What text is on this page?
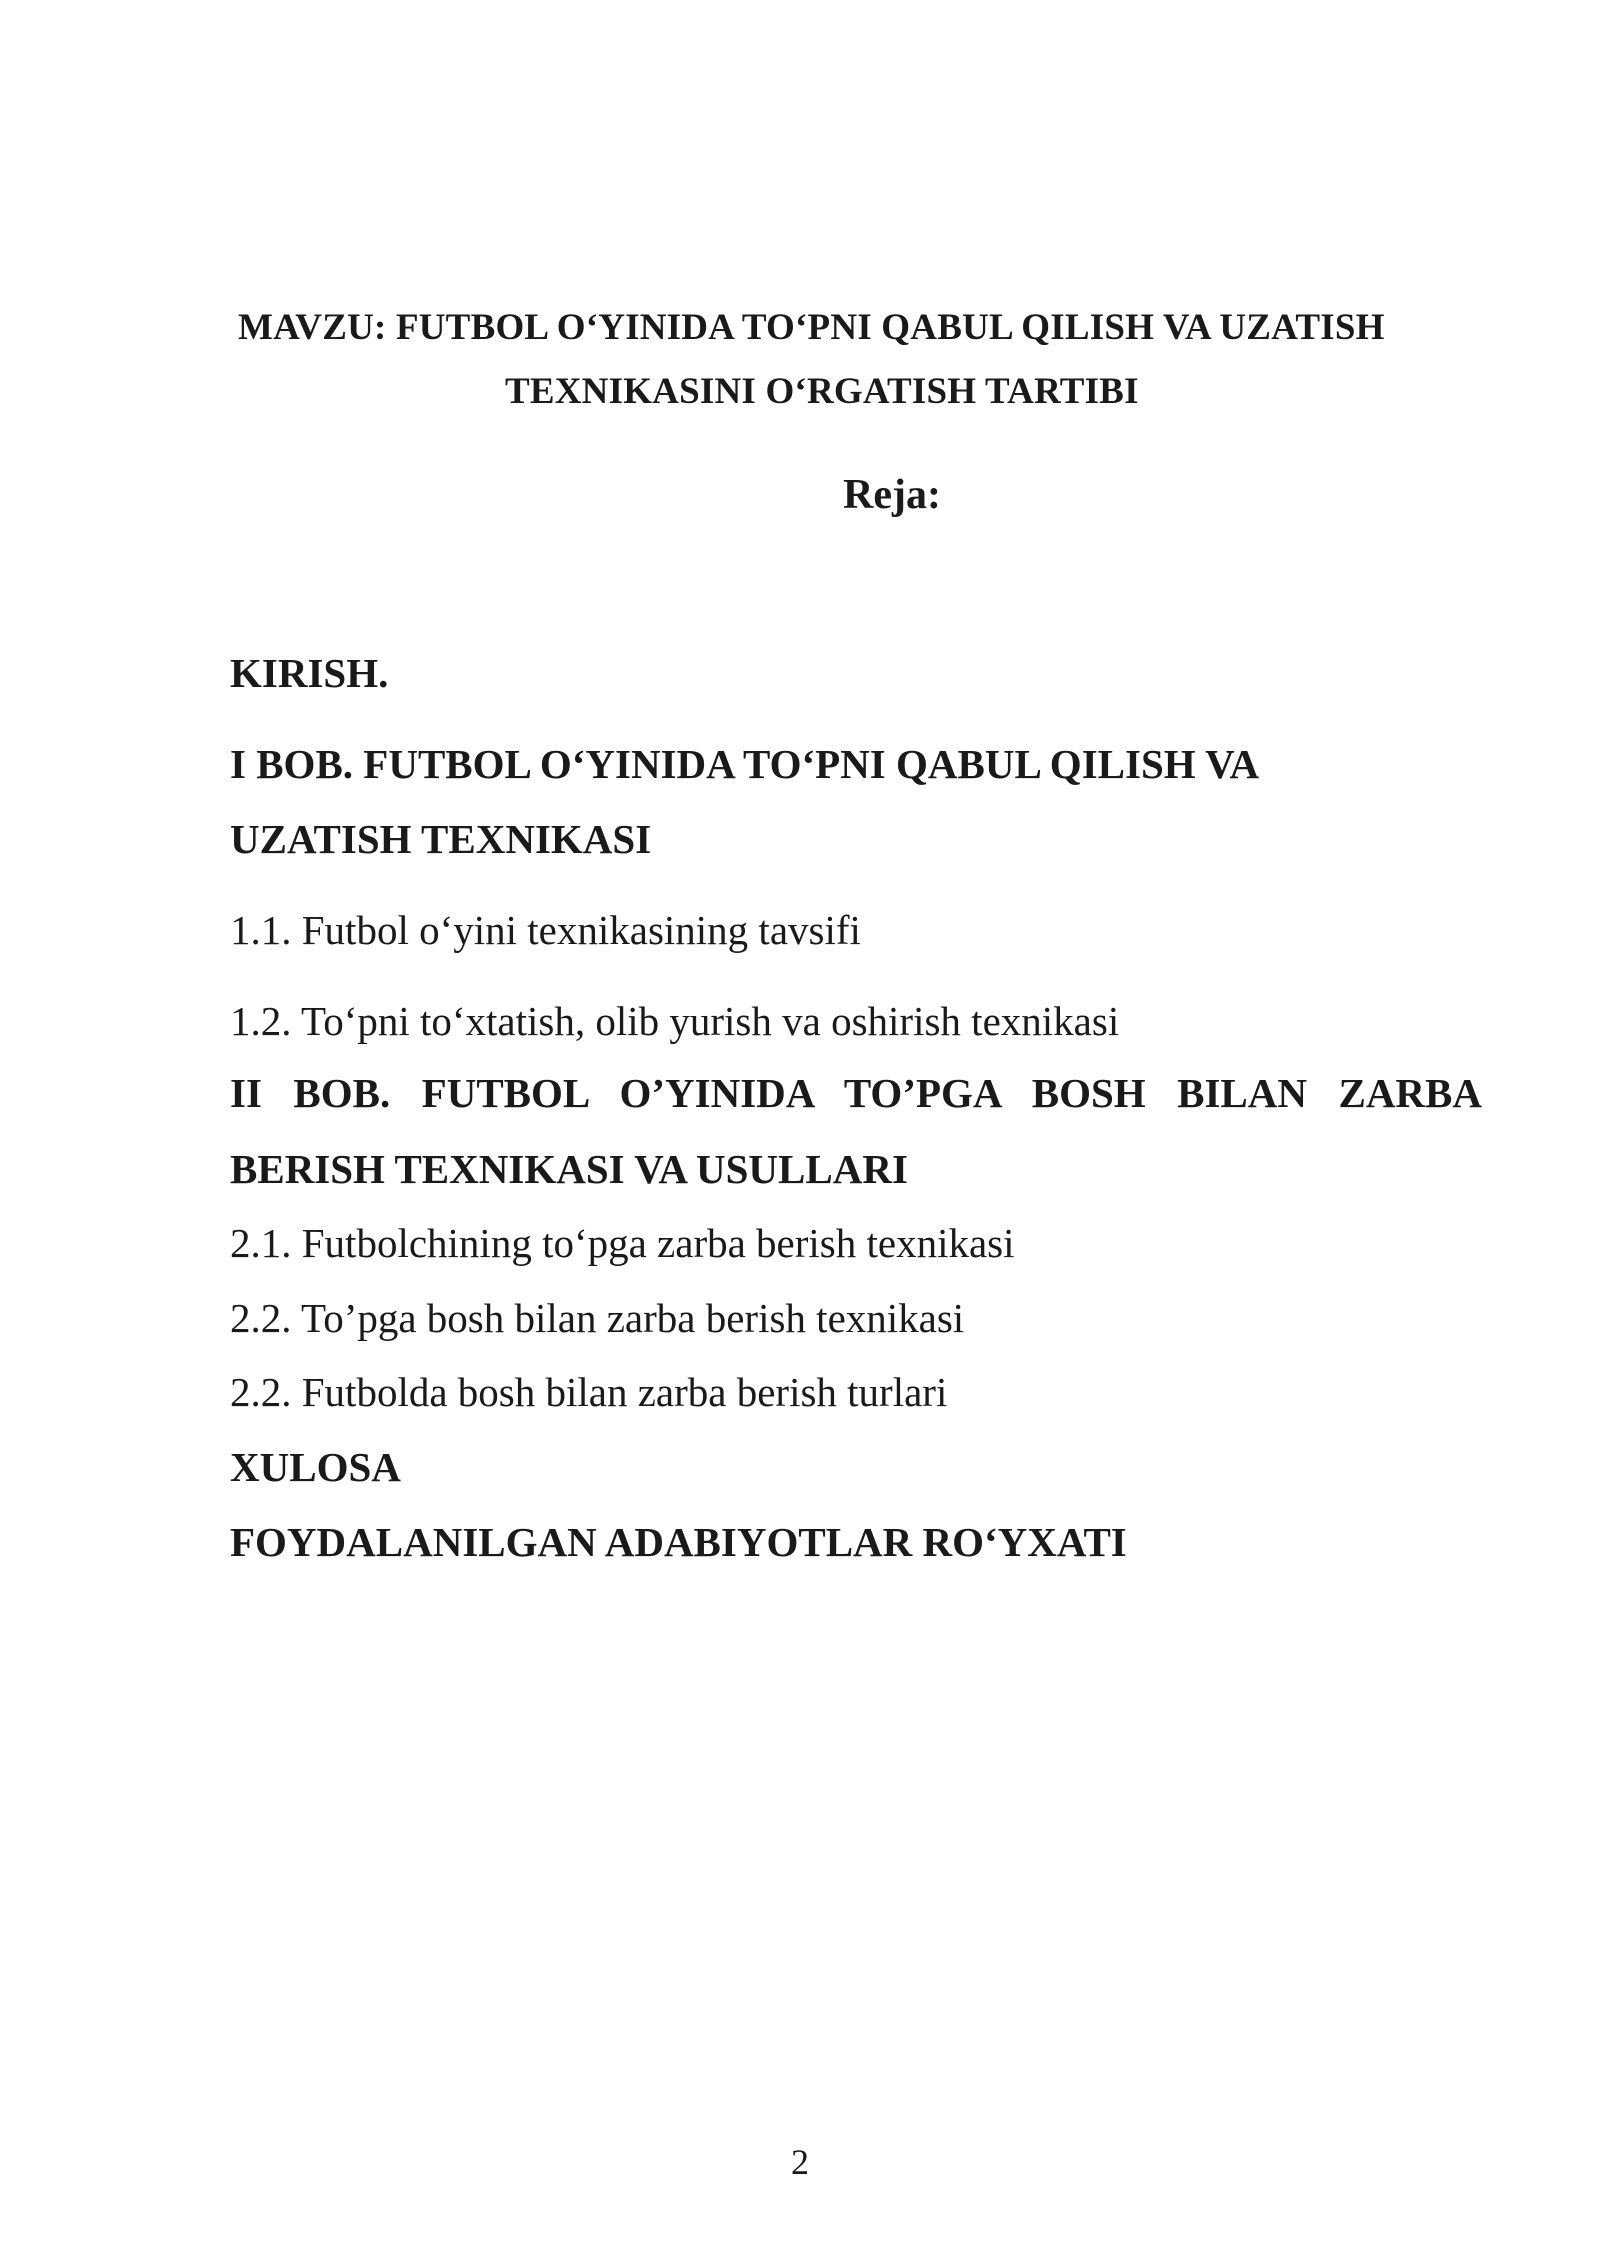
MAVZU: FUTBOL O‘YINIDA TO‘PNI QABUL QILISH VA UZATISH
TEXNIKASINI O‘RGATISH TARTIBI
Reja:
KIRISH.
I BOB. FUTBOL O‘YINIDA TO‘PNI QABUL QILISH VA
UZATISH TEXNIKASI
1.1. Futbol o‘yini texnikasining tavsifi
1.2. To‘pni to‘xtatish, olib yurish va oshirish texnikasi
II BOB. FUTBOL O’YINIDA TO’PGA BOSH BILAN ZARBA
BERISH TEXNIKASI VA USULLARI
2.1. Futbolchining to‘pga zarba berish texnikasi
2.2. To’pga bosh bilan zarba berish texnikasi
2.2. Futbolda bosh bilan zarba berish turlari
XULOSA
FOYDALANILGAN ADABIYOTLAR RO‘YXATI
2
